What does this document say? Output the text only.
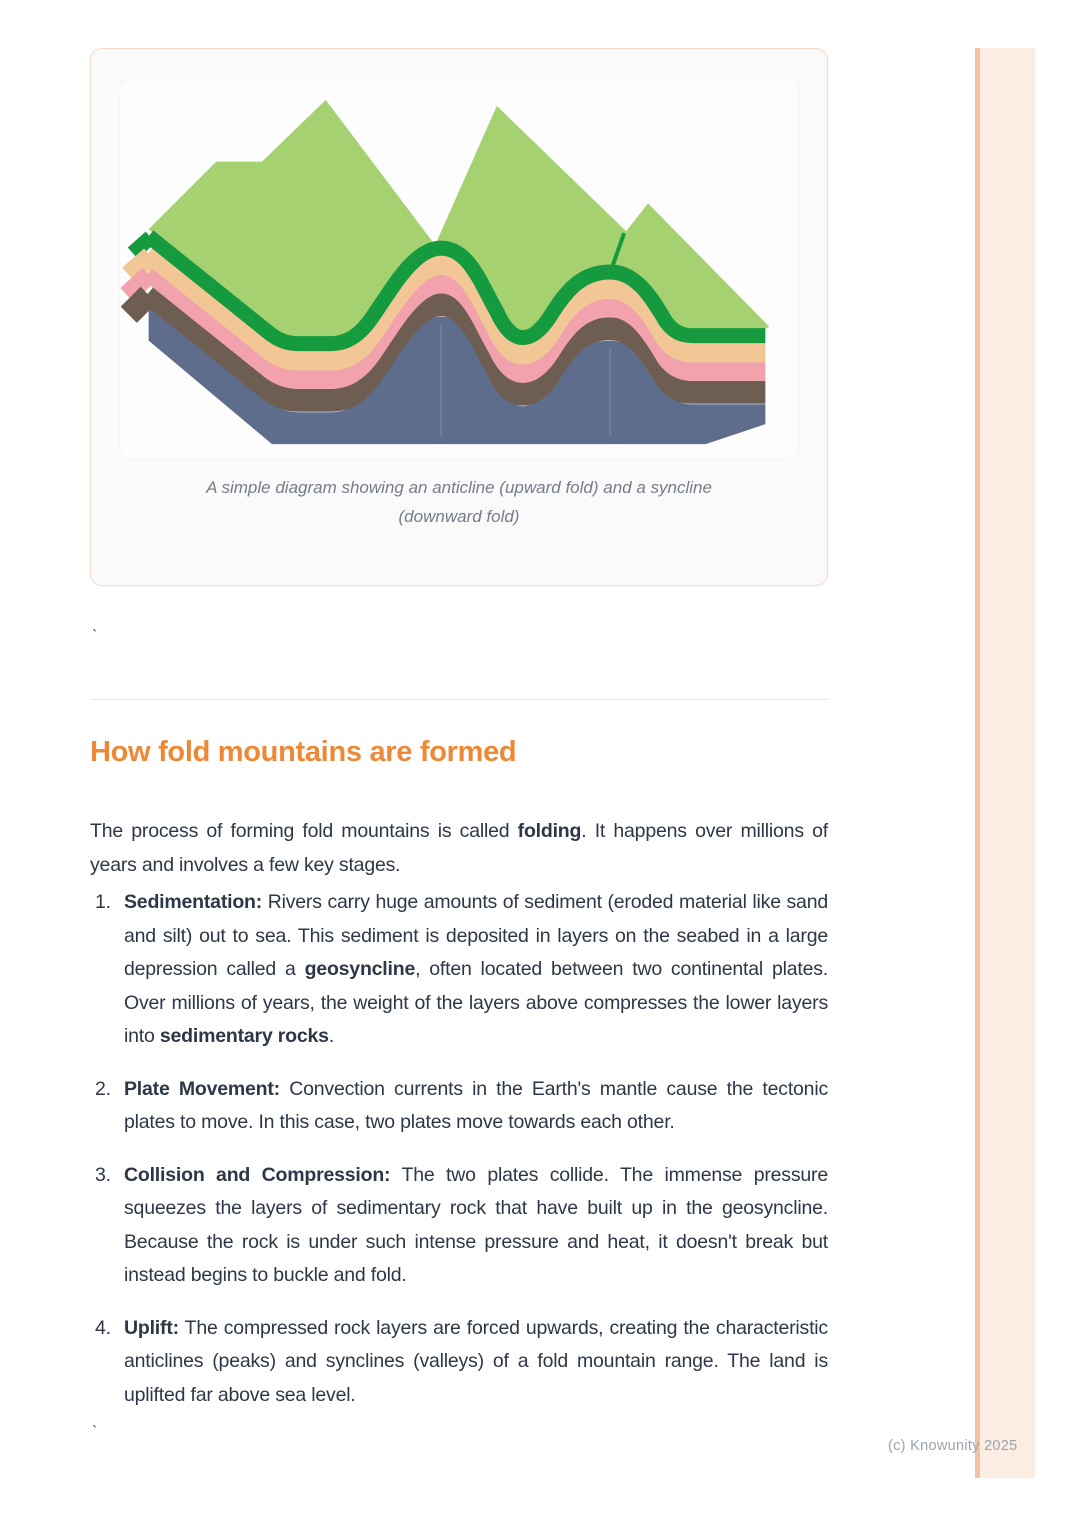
A simple diagram showing an anticline (upward fold) and a syncline
(downward fold)
`
How fold mountains are formed

The process of forming fold mountains is called folding. It happens over millions of years and involves a few key stages.

1. Sedimentation: Rivers carry huge amounts of sediment (eroded material like sand and silt) out to sea. This sediment is deposited in layers on the seabed in a large depression called a geosyncline, often located between two continental plates. Over millions of years, the weight of the layers above compresses the lower layers into sedimentary rocks.
2. Plate Movement: Convection currents in the Earth's mantle cause the tectonic plates to move. In this case, two plates move towards each other.
3. Collision and Compression: The two plates collide. The immense pressure squeezes the layers of sedimentary rock that have built up in the geosyncline. Because the rock is under such intense pressure and heat, it doesn't break but instead begins to buckle and fold.
4. Uplift: The compressed rock layers are forced upwards, creating the characteristic anticlines (peaks) and synclines (valleys) of a fold mountain range. The land is uplifted far above sea level.
`
(c) Knowunity 2025
